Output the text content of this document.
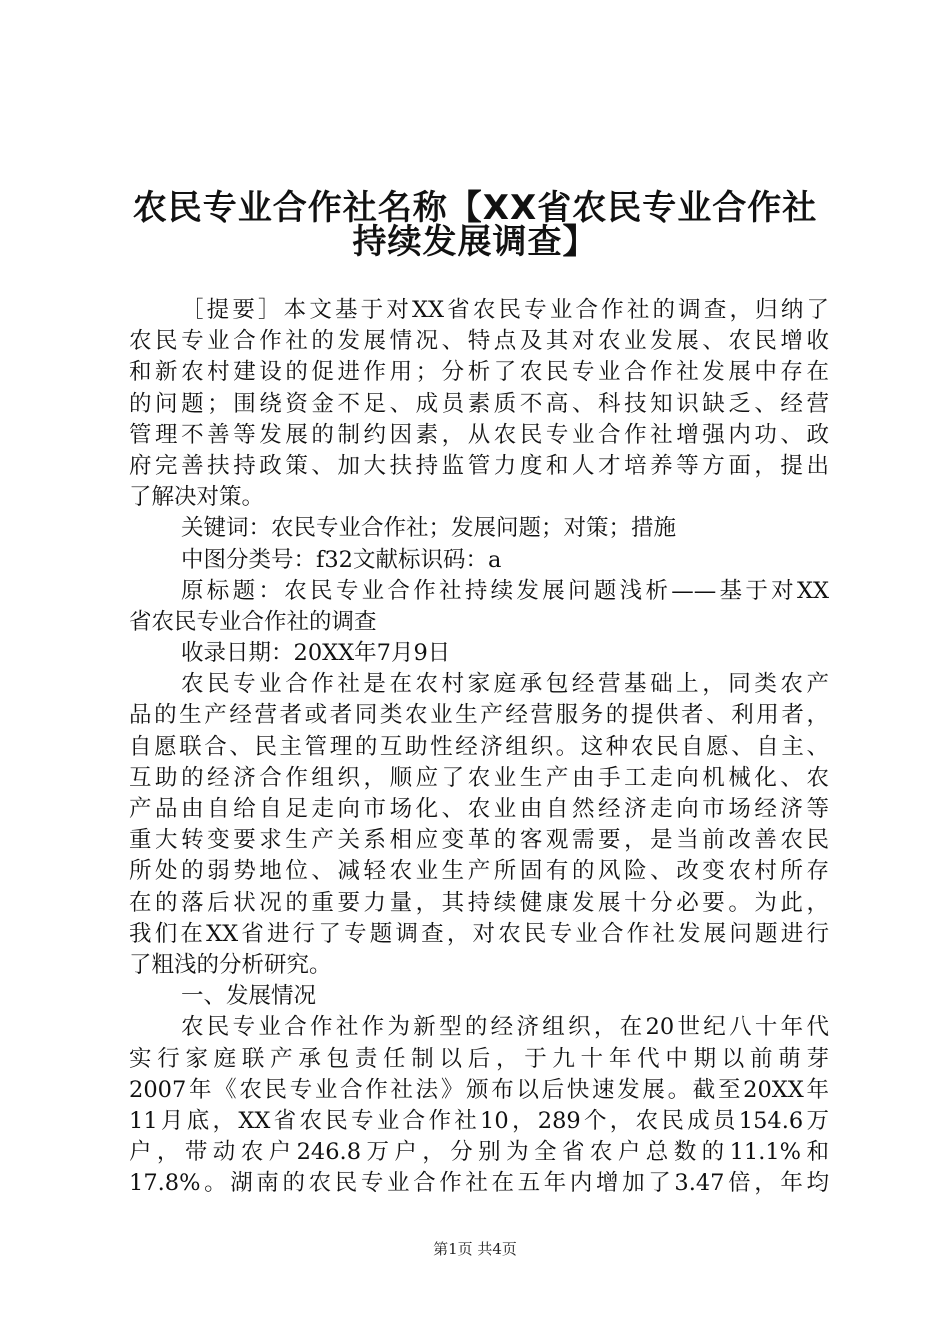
农民专业合作社名称【XX省农民专业合作社
持续发展调查】
［提要］本文基于对XX省农民专业合作社的调查，归纳了
农民专业合作社的发展情况、特点及其对农业发展、农民增收
和新农村建设的促进作用；分析了农民专业合作社发展中存在
的问题；围绕资金不足、成员素质不高、科技知识缺乏、经营
管理不善等发展的制约因素，从农民专业合作社增强内功、政
府完善扶持政策、加大扶持监管力度和人才培养等方面，提出
了解决对策。
关键词：农民专业合作社；发展问题；对策；措施
中图分类号：f32文献标识码：a
原标题：农民专业合作社持续发展问题浅析——基于对XX
省农民专业合作社的调查
收录日期：20XX年7月9日
农民专业合作社是在农村家庭承包经营基础上，同类农产
品的生产经营者或者同类农业生产经营服务的提供者、利用者，
自愿联合、民主管理的互助性经济组织。这种农民自愿、自主、
互助的经济合作组织，顺应了农业生产由手工走向机械化、农
产品由自给自足走向市场化、农业由自然经济走向市场经济等
重大转变要求生产关系相应变革的客观需要，是当前改善农民
所处的弱势地位、减轻农业生产所固有的风险、改变农村所存
在的落后状况的重要力量，其持续健康发展十分必要。为此，
我们在XX省进行了专题调查，对农民专业合作社发展问题进行
了粗浅的分析研究。
一、发展情况
农民专业合作社作为新型的经济组织，在20世纪八十年代
实行家庭联产承包责任制以后，于九十年代中期以前萌芽
2007年《农民专业合作社法》颁布以后快速发展。截至20XX年
11月底，XX省农民专业合作社10，289个，农民成员154.6万
户，带动农户246.8万户，分别为全省农户总数的11.1%和
17.8%。湖南的农民专业合作社在五年内增加了3.47倍，年均
第1页 共4页
